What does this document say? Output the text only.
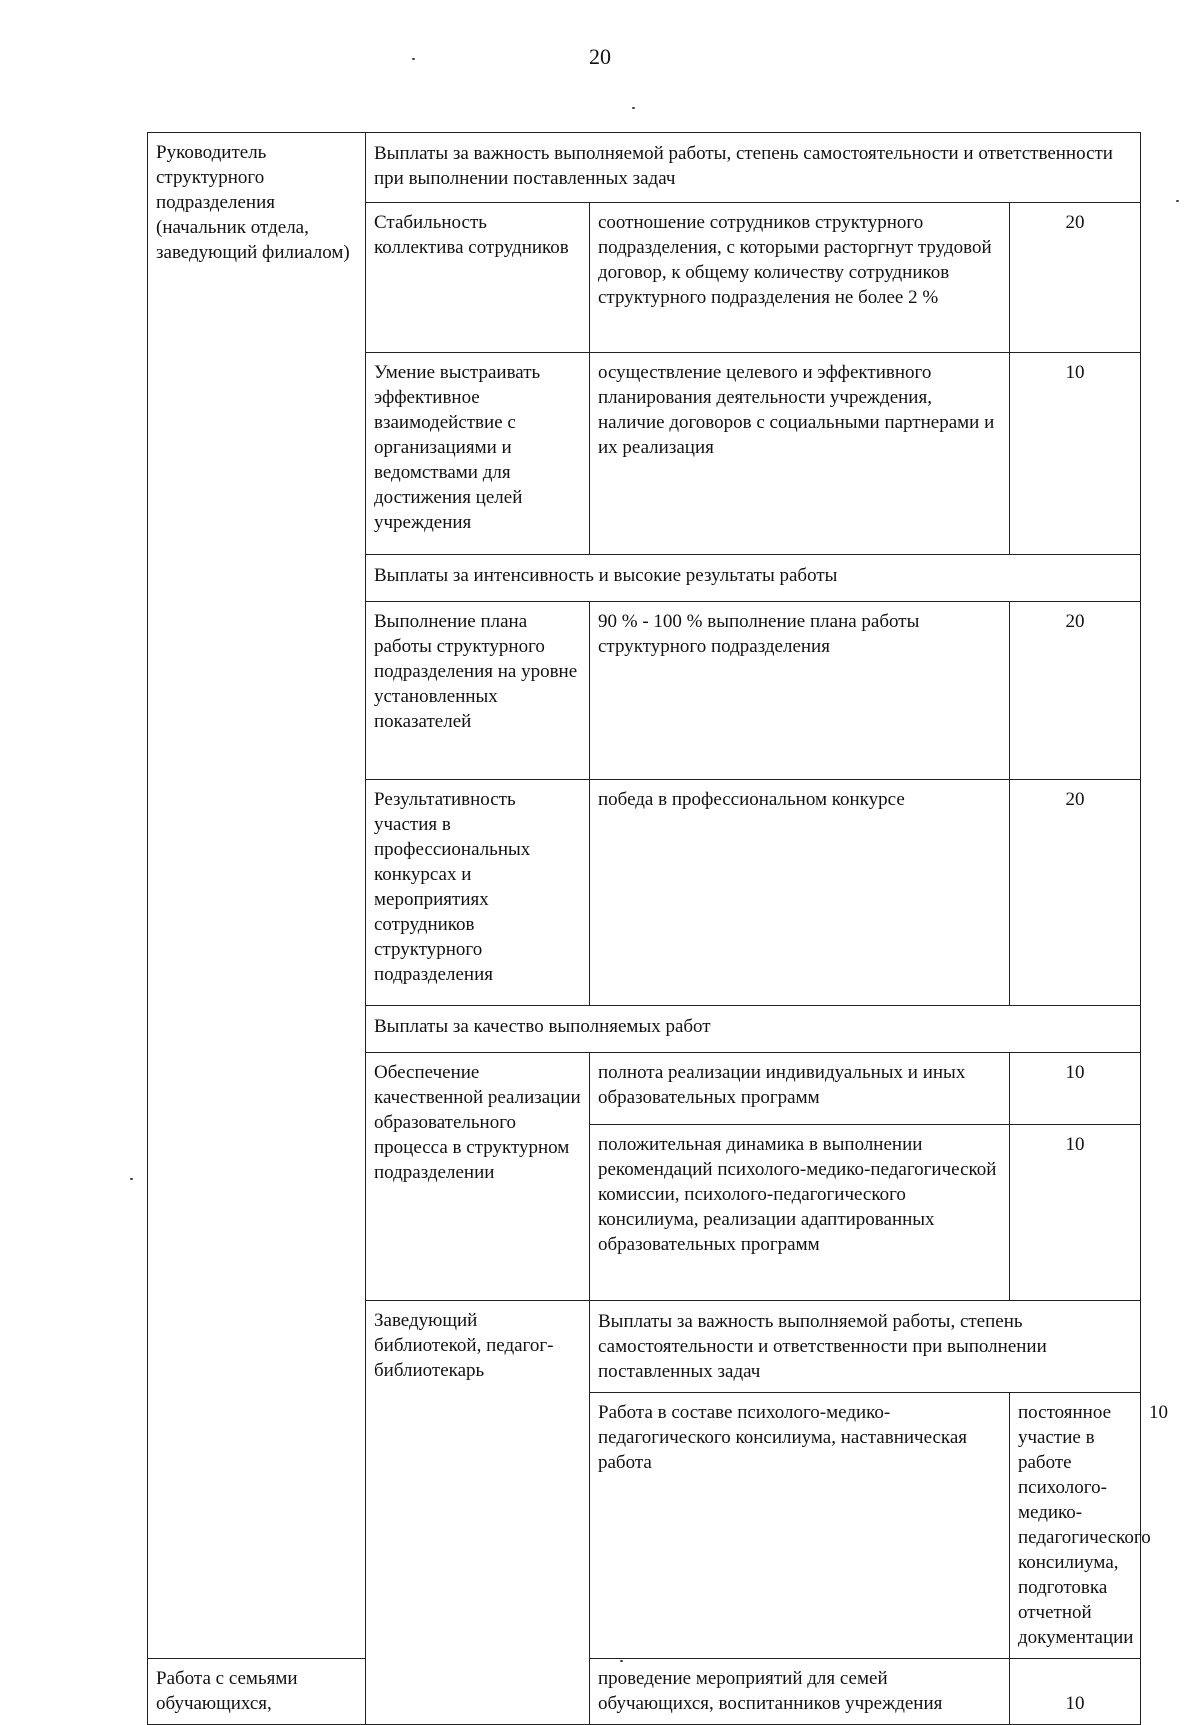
20
Руководитель структурного подразделения (начальник отдела, заведующий филиалом)	Выплаты за важность выполняемой работы, степень самостоятельности и ответственности при выполнении поставленных задач			
	Стабильность коллектива сотрудников	соотношение сотрудников структурного подразделения, с которыми расторгнут трудовой договор, к общему количеству сотрудников структурного подразделения не более 2 %	20	
	Умение выстраивать эффективное взаимодействие с организациями и ведомствами для достижения целей учреждения	осуществление целевого и эффективного планирования деятельности учреждения, наличие договоров с социальными партнерами и их реализация	10	
	Выплаты за интенсивность и высокие результаты работы			
	Выполнение плана работы структурного подразделения на уровне установленных показателей	90 % - 100 % выполнение плана работы структурного подразделения	20	
	Результативность участия в профессиональных конкурсах и мероприятиях сотрудников структурного подразделения	победа в профессиональном конкурсе	20	
	Выплаты за качество выполняемых работ			
	Обеспечение качественной реализации образовательного процесса в структурном подразделении	полнота реализации индивидуальных и иных образовательных программ	10	
		положительная динамика в выполнении рекомендаций психолого-медико-педагогической комиссии, психолого-педагогического консилиума, реализации адаптированных образовательных программ	10	
	Заведующий библиотекой, педагог-библиотекарь	Выплаты за важность выполняемой работы, степень самостоятельности и ответственности при выполнении поставленных задач		
		Работа в составе психолого-медико-педагогического консилиума, наставническая работа	постоянное участие в работе психолого-медико-педагогического консилиума, подготовка отчетной документации	10
Работа с семьями обучающихся,		проведение мероприятий для семей обучающихся, воспитанников учреждения	10	
